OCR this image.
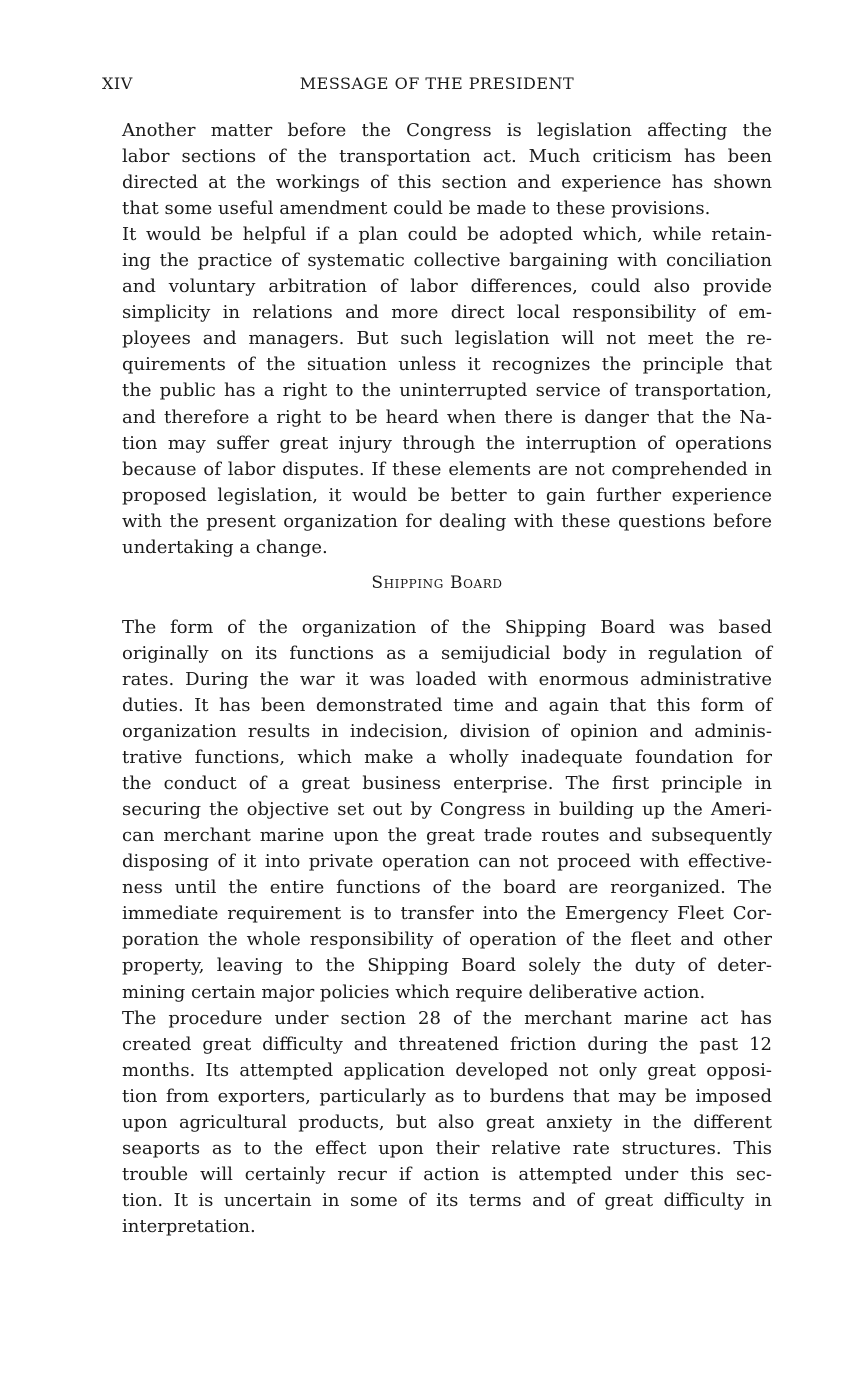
XIV	MESSAGE OF THE PRESIDENT

Another matter before the Congress is legislation affecting the
labor sections of the transportation act. Much criticism has been
directed at the workings of this section and experience has shown
that some useful amendment could be made to these provisions.

It would be helpful if a plan could be adopted which, while retain-
ing the practice of systematic collective bargaining with conciliation
and voluntary arbitration of labor differences, could also provide
simplicity in relations and more direct local responsibility of em-
ployees and managers. But such legislation will not meet the re-
quirements of the situation unless it recognizes the principle that
the public has a right to the uninterrupted service of transportation,
and therefore a right to be heard when there is danger that the Na-
tion may suffer great injury through the interruption of operations
because of labor disputes. If these elements are not comprehended in
proposed legislation, it would be better to gain further experience
with the present organization for dealing with these questions before
undertaking a change.

Shipping Board

The form of the organization of the Shipping Board was based
originally on its functions as a semijudicial body in regulation of
rates. During the war it was loaded with enormous administrative
duties. It has been demonstrated time and again that this form of
organization results in indecision, division of opinion and adminis-
trative functions, which make a wholly inadequate foundation for
the conduct of a great business enterprise. The first principle in
securing the objective set out by Congress in building up the Ameri-
can merchant marine upon the great trade routes and subsequently
disposing of it into private operation can not proceed with effective-
ness until the entire functions of the board are reorganized. The
immediate requirement is to transfer into the Emergency Fleet Cor-
poration the whole responsibility of operation of the fleet and other
property, leaving to the Shipping Board solely the duty of deter-
mining certain major policies which require deliberative action.

The procedure under section 28 of the merchant marine act has
created great difficulty and threatened friction during the past 12
months. Its attempted application developed not only great opposi-
tion from exporters, particularly as to burdens that may be imposed
upon agricultural products, but also great anxiety in the different
seaports as to the effect upon their relative rate structures. This
trouble will certainly recur if action is attempted under this sec-
tion. It is uncertain in some of its terms and of great difficulty in
interpretation.
